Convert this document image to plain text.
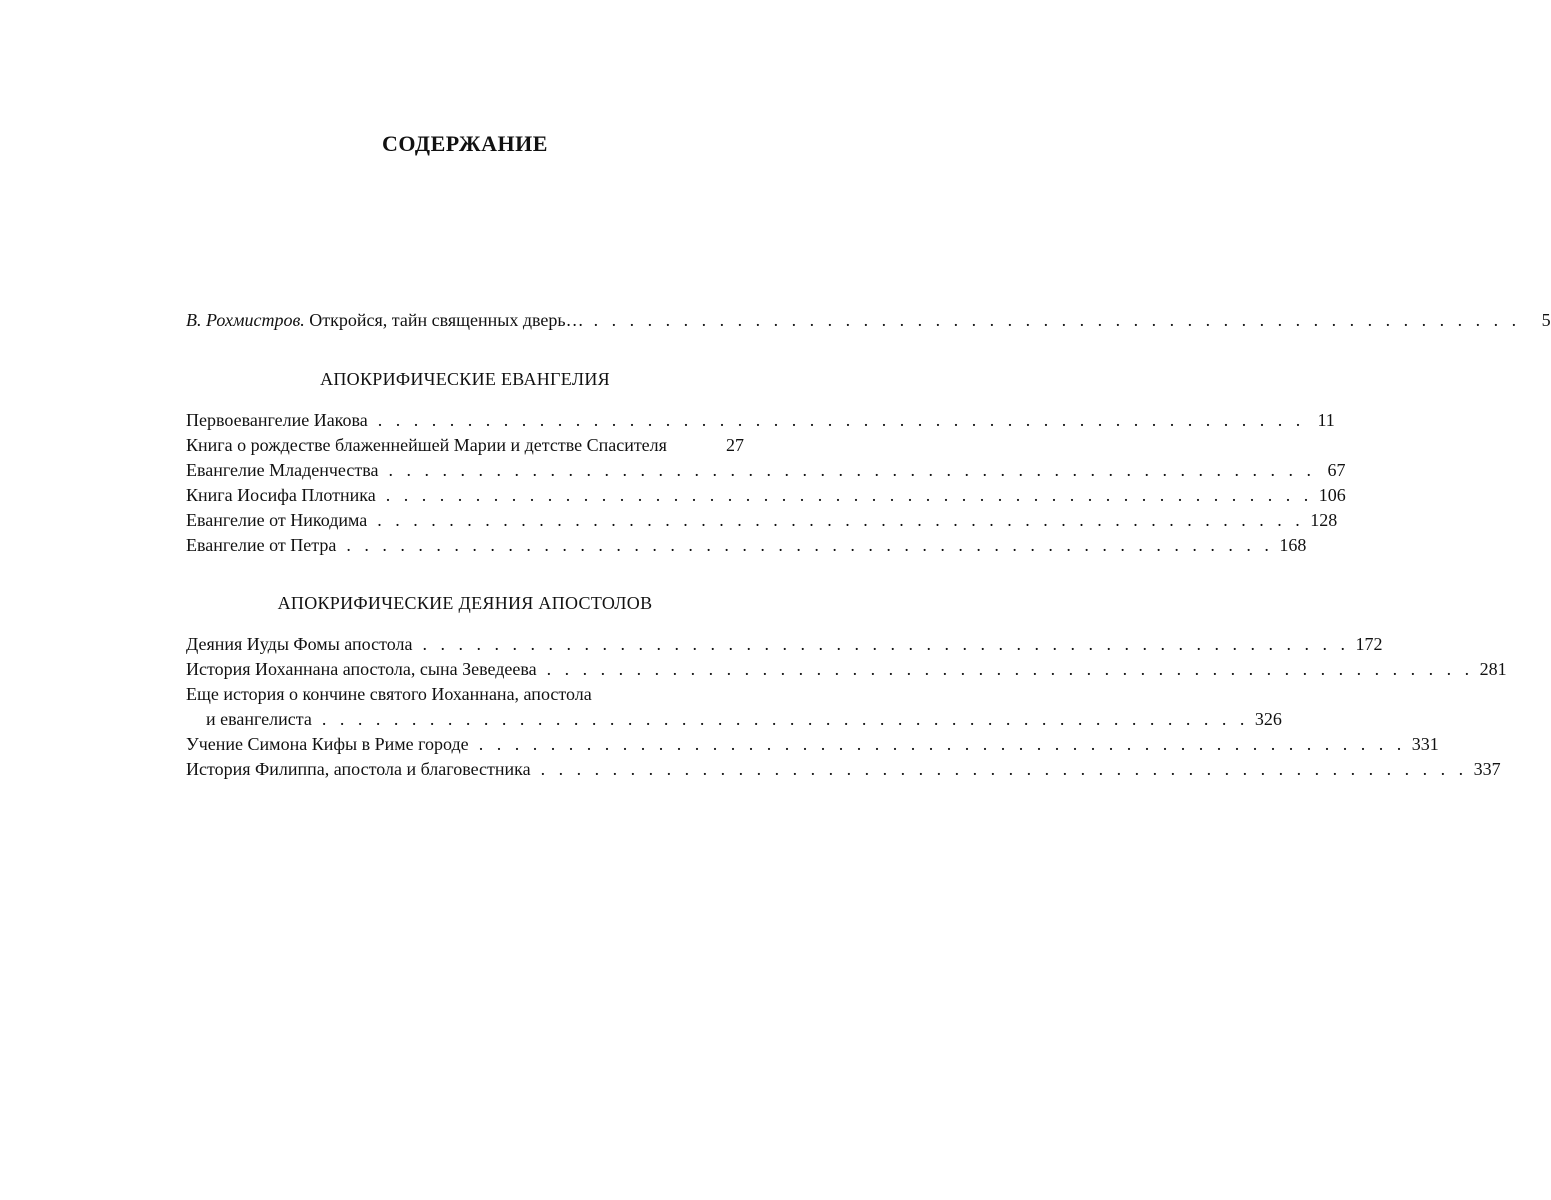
СОДЕРЖАНИЕ
В. Рохмистров. Откройся, тайн священных дверь… . . . . . . . . . . . . . . . . . . . . . . . . . . . . . . . . . . . . . . . . . . . . . . . . . . . .	5
АПОКРИФИЧЕСКИЕ ЕВАНГЕЛИЯ
Первоевангелие Иакова . . . . . . . . . . . . . . . . . . . . . . . . . . . . . . . . . . . . . . . . . . . . . . . . . . . . 11
Книга о рождестве блаженнейшей Марии и детстве Спасителя	27
Евангелие Младенчества . . . . . . . . . . . . . . . . . . . . . . . . . . . . . . . . . . . . . . . . . . . . . . . . . . . . 67
Книга Иосифа Плотника . . . . . . . . . . . . . . . . . . . . . . . . . . . . . . . . . . . . . . . . . . . . . . . . . . . . 106
Евангелие от Никодима . . . . . . . . . . . . . . . . . . . . . . . . . . . . . . . . . . . . . . . . . . . . . . . . . . . . 128
Евангелие от Петра . . . . . . . . . . . . . . . . . . . . . . . . . . . . . . . . . . . . . . . . . . . . . . . . . . . . 168
АПОКРИФИЧЕСКИЕ ДЕЯНИЯ АПОСТОЛОВ
Деяния Иуды Фомы апостола . . . . . . . . . . . . . . . . . . . . . . . . . . . . . . . . . . . . . . . . . . . . . . . . . . . . 172
История Иоханнана апостола, сына Зеведеева . . . . . . . . . . . . . . . . . . . . . . . . . . . . . . . . . . . . . . . . . . . . . . . . . . . . 281
Еще история о кончине святого Иоханнана, апостола
и евангелиста . . . . . . . . . . . . . . . . . . . . . . . . . . . . . . . . . . . . . . . . . . . . . . . . . . . . 326
Учение Симона Кифы в Риме городе . . . . . . . . . . . . . . . . . . . . . . . . . . . . . . . . . . . . . . . . . . . . . . . . . . . . 331
История Филиппа, апостола и благовестника . . . . . . . . . . . . . . . . . . . . . . . . . . . . . . . . . . . . . . . . . . . . . . . . . . . . 337
